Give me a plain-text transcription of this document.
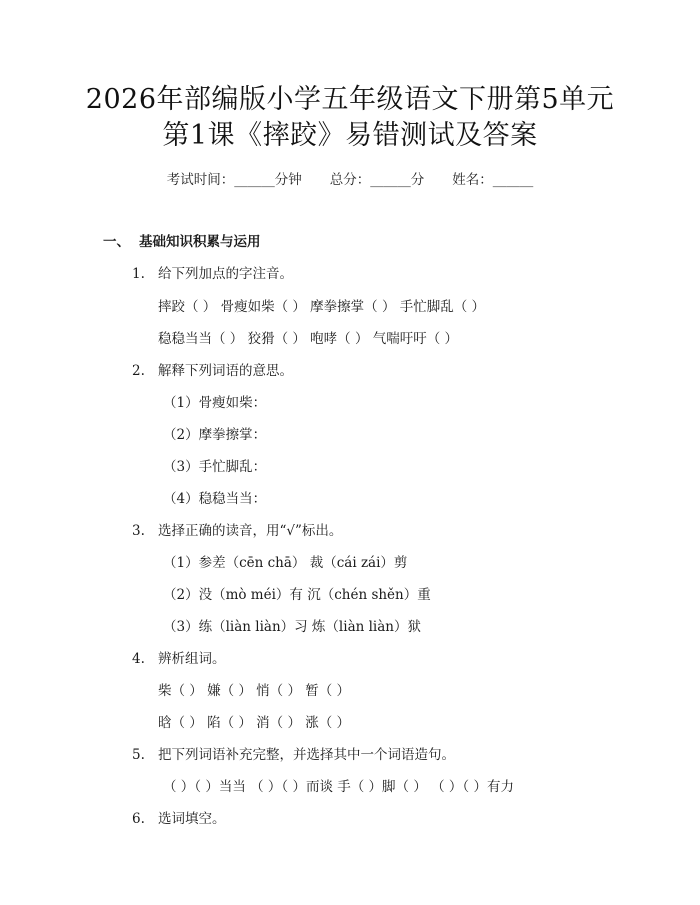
2026年部编版小学五年级语文下册第5单元
第1课《摔跤》易错测试及答案
考试时间：______分钟 总分：______分 姓名：______
一、 基础知识积累与运用
1. 给下列加点的字注音。
摔跤（ ） 骨瘦如柴（ ） 摩拳擦掌（ ） 手忙脚乱（ ）
稳稳当当（ ） 狡猾（ ） 咆哮（ ） 气喘吁吁（ ）
2. 解释下列词语的意思。
（1）骨瘦如柴：
（2）摩拳擦掌：
（3）手忙脚乱：
（4）稳稳当当：
3. 选择正确的读音，用“√”标出。
（1）参差（cēn chā） 裁（cái zái）剪
（2）没（mò méi）有 沉（chén shěn）重
（3）练（liàn liàn）习 炼（liàn liàn）狱
4. 辨析组词。
柴（ ） 嫌（ ） 悄（ ） 暂（ ）
晗（ ） 陷（ ） 消（ ） 涨（ ）
5. 把下列词语补充完整，并选择其中一个词语造句。
（ ）（ ）当当 （ ）（ ）而谈 手（ ）脚（ ） （ ）（ ）有力
6. 选词填空。
